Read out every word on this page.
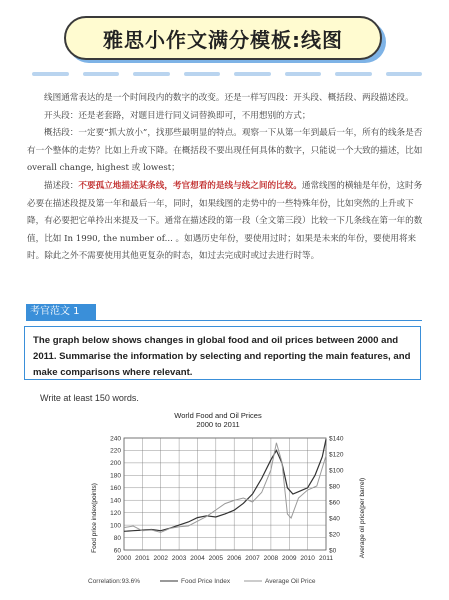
雅思小作文满分模板:线图

线图通常表达的是一个时间段内的数字的改变。还是一样写四段：开头段、概括段、两段描述段。

开头段：还是老套路，对题目进行同义词替换即可，不用想别的方式；

概括段：一定要“抓大放小”，找那些最明显的特点。观察一下从第一年到最后一年，所有的线条是否有一个整体的走势？比如上升或下降。在概括段不要出现任何具体的数字，只能说一个大致的描述，比如 overall change, highest 或 lowest；

描述段：不要孤立地描述某条线，考官想看的是线与线之间的比较。通常线图的横轴是年份，这时务必要在描述段提及第一年和最后一年，同时，如果线图的走势中的一些特殊年份，比如突然的上升或下降，有必要把它单拎出来提及一下。通常在描述段的第一段（全文第三段）比较一下几条线在第一年的数值，比如 In 1990, the number of... 。如遇历史年份，要使用过时；如果是未来的年份，要使用将来时。除此之外不需要使用其他更复杂的时态，如过去完成时或过去进行时等。

考官范文 1
The graph below shows changes in global food and oil prices between 2000 and 2011. Summarise the information by selecting and reporting the main features, and make comparisons where relevant.
Write at least 150 words.
World Food and Oil Prices
2000 to 2011
60
80
100
120
140
160
180
200
220
240
$0
$20
$40
$60
$80
$100
$120
$140
2000 2001 2002 2003 2004 2005 2006 2007 2008 2009 2010 2011
Food price index(points)	Average oil price(per barrel)
Correlation:93.6%	Food Price Index	Average Oil Price
